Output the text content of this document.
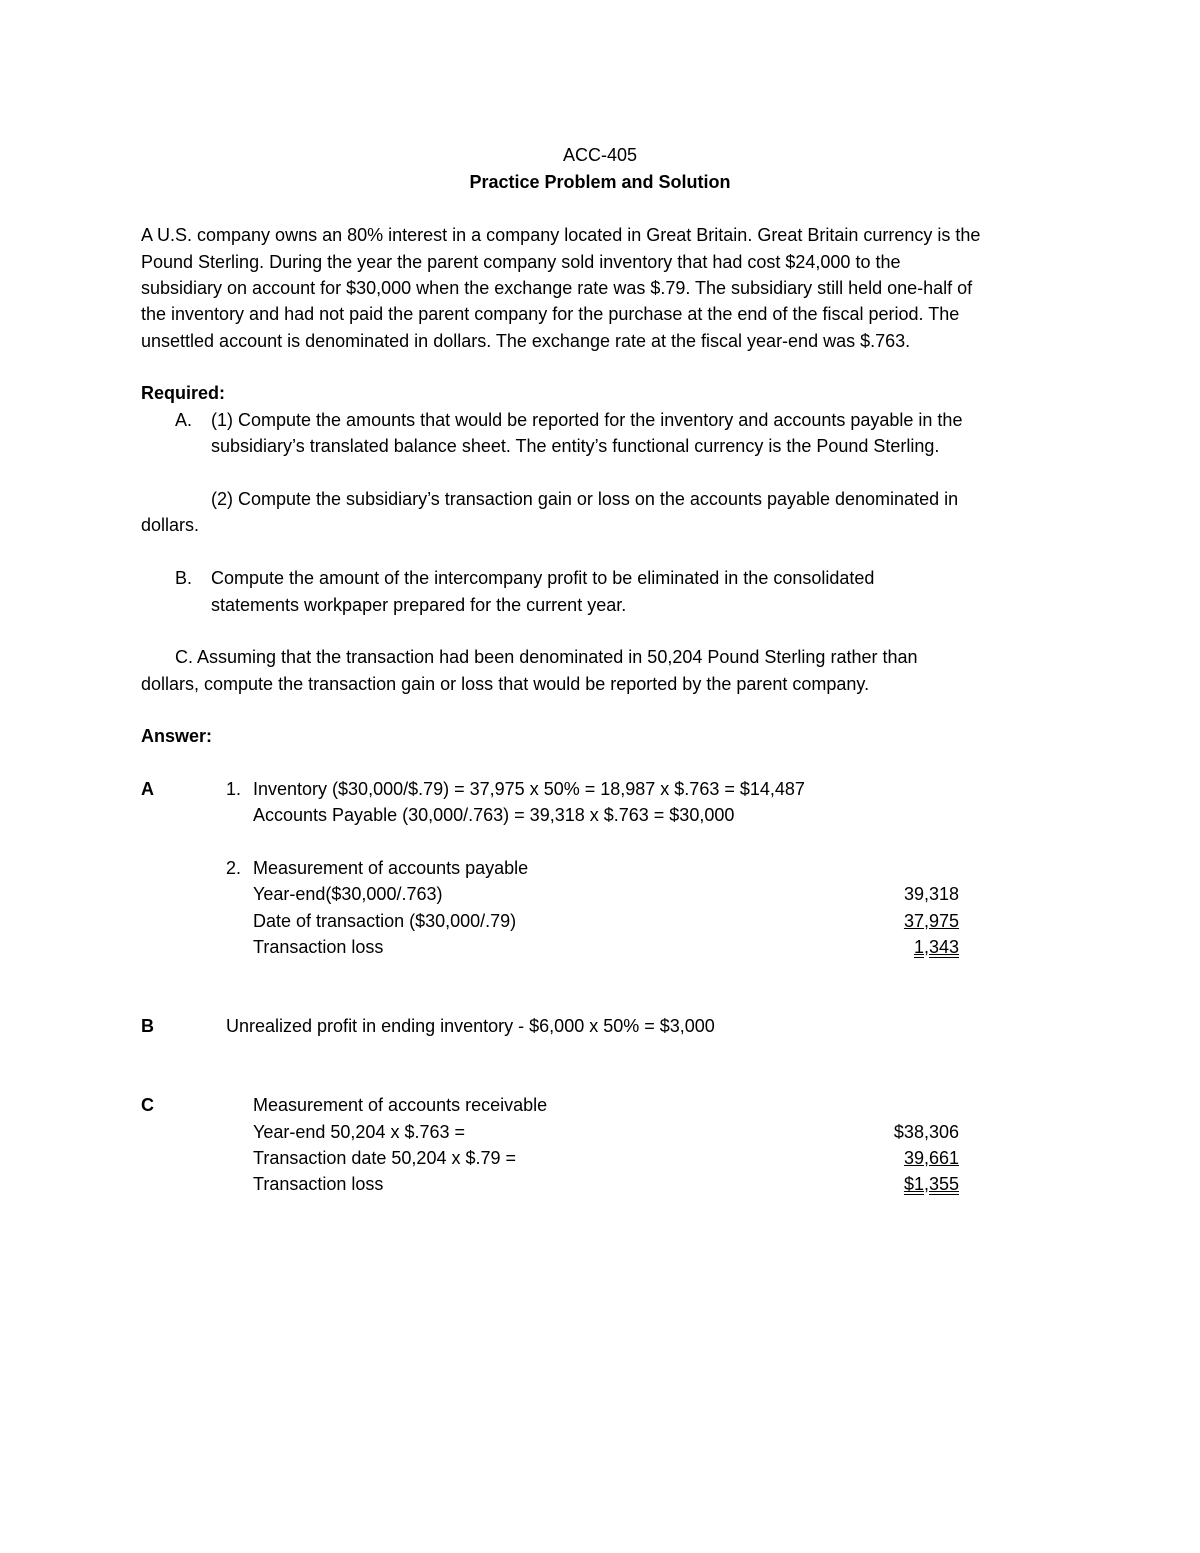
ACC-405
Practice Problem and Solution
A U.S. company owns an 80% interest in a company located in Great Britain. Great Britain currency is the
Pound Sterling. During the year the parent company sold inventory that had cost $24,000 to the
subsidiary on account for $30,000 when the exchange rate was $.79. The subsidiary still held one-half of
the inventory and had not paid the parent company for the purchase at the end of the fiscal period. The
unsettled account is denominated in dollars. The exchange rate at the fiscal year-end was $.763.
Required:
A. (1) Compute the amounts that would be reported for the inventory and accounts payable in the
subsidiary’s translated balance sheet. The entity’s functional currency is the Pound Sterling.
(2) Compute the subsidiary’s transaction gain or loss on the accounts payable denominated in
dollars.
B. Compute the amount of the intercompany profit to be eliminated in the consolidated
statements workpaper prepared for the current year.
C. Assuming that the transaction had been denominated in 50,204 Pound Sterling rather than
dollars, compute the transaction gain or loss that would be reported by the parent company.
Answer:
A	1. Inventory ($30,000/$.79) = 37,975 x 50% = 18,987 x $.763 = $14,487
Accounts Payable (30,000/.763) = 39,318 x $.763 = $30,000
2. Measurement of accounts payable
Year-end($30,000/.763)	39,318
Date of transaction ($30,000/.79)	37,975
Transaction loss	1,343
B	Unrealized profit in ending inventory - $6,000 x 50% = $3,000
C	Measurement of accounts receivable
Year-end 50,204 x $.763 =	$38,306
Transaction date 50,204 x $.79 =	39,661
Transaction loss	$1,355
